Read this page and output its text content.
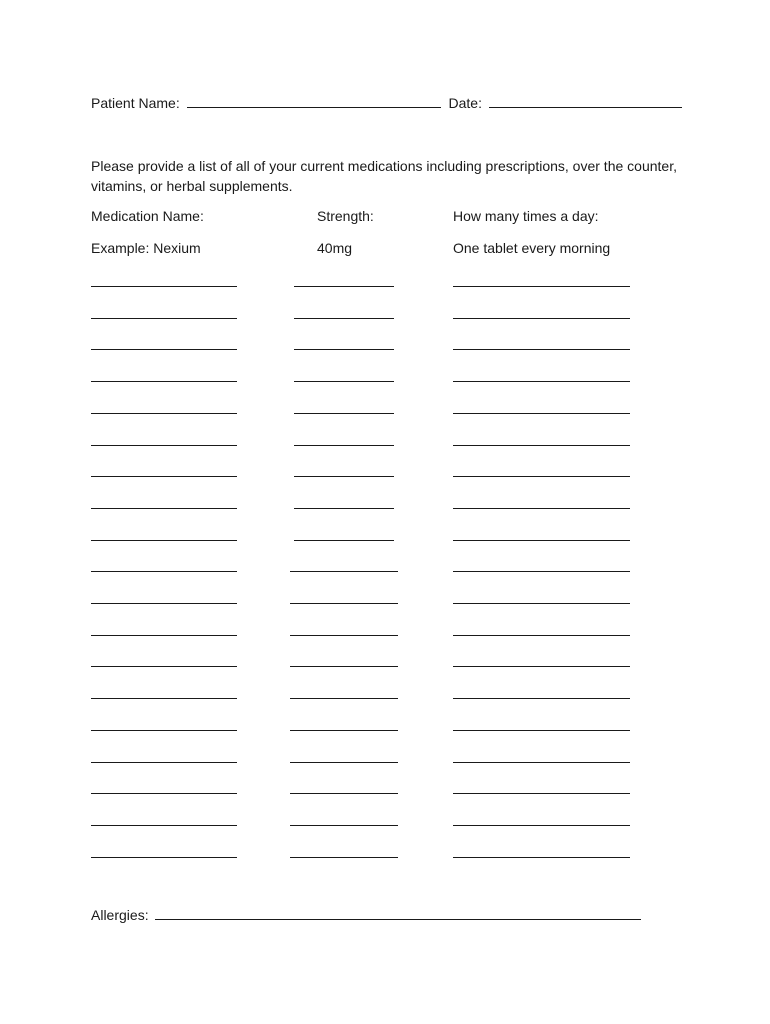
Patient Name:	Date:
Please provide a list of all of your current medications including prescriptions, over the counter, vitamins, or herbal supplements.
Medication Name:	Strength:	How many times a day:
Example: Nexium	40mg	One tablet every morning
Allergies:
